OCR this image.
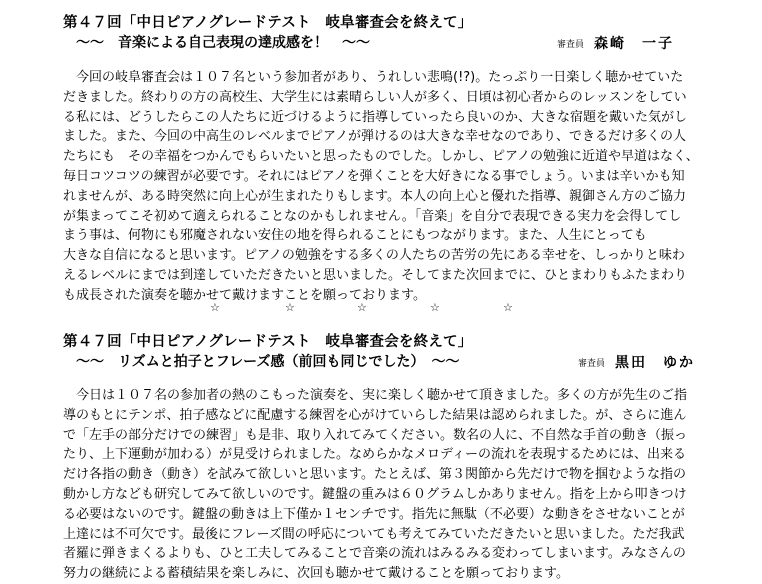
第４７回「中日ピアノグレードテスト　岐阜審査会を終えて」
〜〜　音楽による自己表現の達成感を！　〜〜	審査員 森崎　一子
　今回の岐阜審査会は１０７名という参加者があり、うれしい悲鳴(!?)。たっぷり一日楽しく聴かせていた
だきました。終わりの方の高校生、大学生には素晴らしい人が多く、日頃は初心者からのレッスンをしてい
る私には、どうしたらこの人たちに近づけるように指導していったら良いのか、大きな宿題を戴いた気がし
ました。また、今回の中高生のレベルまでピアノが弾けるのは大きな幸せなのであり、できるだけ多くの人
たちにも　その幸福をつかんでもらいたいと思ったものでした。しかし、ピアノの勉強に近道や早道はなく、
毎日コツコツの練習が必要です。それにはピアノを弾くことを大好きになる事でしょう。いまは辛いかも知
れませんが、ある時突然に向上心が生まれたりもします。本人の向上心と優れた指導、親御さん方のご協力
が集まってこそ初めて適えられることなのかもしれません。「音楽」を自分で表現できる実力を会得してし
まう事は、何物にも邪魔されない安住の地を得られることにもつながります。また、人生にとっても
大きな自信になると思います。ピアノの勉強をする多くの人たちの苦労の先にある幸せを、しっかりと味わ
えるレベルにまでは到達していただきたいと思いました。そしてまた次回までに、ひとまわりもふたまわり
も成長された演奏を聴かせて戴けますことを願っております。
☆	☆	☆	☆	☆
第４７回「中日ピアノグレードテスト　岐阜審査会を終えて」
〜〜　リズムと拍子とフレーズ感（前回も同じでした）　〜〜	審査員 黒田　ゆか
　今日は１０７名の参加者の熱のこもった演奏を、実に楽しく聴かせて頂きました。多くの方が先生のご指
導のもとにテンポ、拍子感などに配慮する練習を心がけていらした結果は認められました。が、さらに進ん
で「左手の部分だけでの練習」も是非、取り入れてみてください。数名の人に、不自然な手首の動き（振っ
たり、上下運動が加わる）が見受けられました。なめらかなメロディーの流れを表現するためには、出来る
だけ各指の動き（動き）を試みて欲しいと思います。たとえば、第３関節から先だけで物を掴むような指の
動かし方なども研究してみて欲しいのです。鍵盤の重みは６０グラムしかありません。指を上から叩きつけ
る必要はないのです。鍵盤の動きは上下僅か１センチです。指先に無駄（不必要）な動きをさせないことが
上達には不可欠です。最後にフレーズ間の呼応についても考えてみていただきたいと思いました。ただ我武
者羅に弾きまくるよりも、ひと工夫してみることで音楽の流れはみるみる変わってしまいます。みなさんの
努力の継続による蓄積結果を楽しみに、次回も聴かせて戴けることを願っております。
